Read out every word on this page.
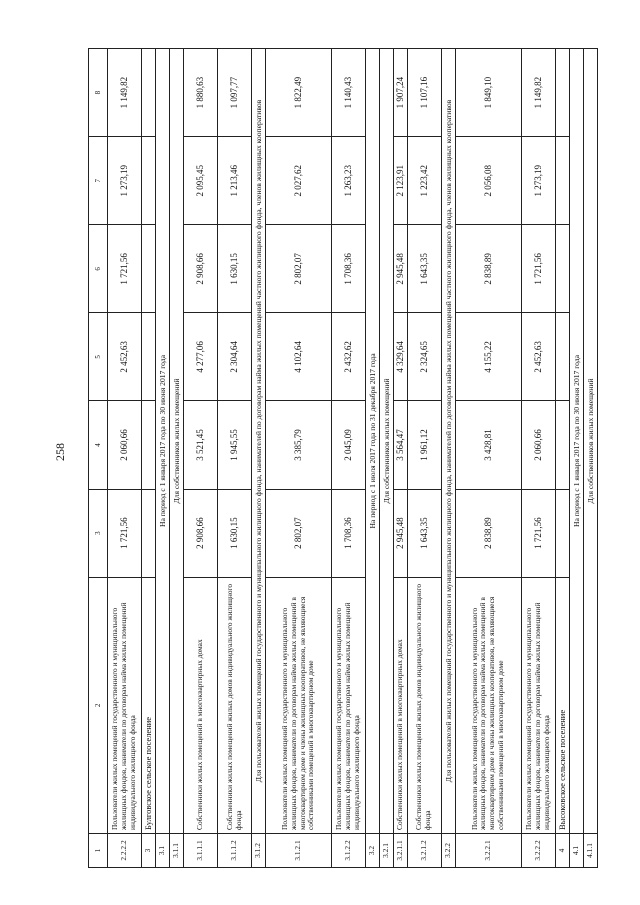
258
1	2	3	4	5	6	7	8
2.2.2.2	Пользователи жилых помещений государственного и муниципального жилищных фондов, наниматели по договорам найма жилых помещений индивидуального жилищного фонда	1 721,56	2 060,66	2 452,63	1 721,56	1 273,19	1 149,82
3	Булговское сельское поселение						
3.1	На период с 1 января 2017 года по 30 июня 2017 года						
3.1.1	Для собственников жилых помещений						
3.1.1.1	Собственники жилых помещений в многоквартирных домах	2 908,66	3 521,45	4 277,06	2 908,66	2 095,45	1 880,63
3.1.1.2	Собственники жилых помещений жилых домов индивидуального жилищного фонда	1 630,15	1 945,55	2 304,64	1 630,15	1 213,46	1 097,77
3.1.2	Для пользователей жилых помещений государственного и муниципального жилищного фонда, нанимателей по договорам найма жилых помещений частного жилищного фонда, членов жилищных кооперативов						
3.1.2.1	Пользователи жилых помещений государственного и муниципального жилищных фондов, наниматели по договорам найма жилых помещений в многоквартирном доме и члены жилищных кооперативов, не являющиеся собственниками помещений в многоквартирном доме	2 802,07	3 385,79	4 102,64	2 802,07	2 027,62	1 822,49
3.1.2.2	Пользователи жилых помещений государственного и муниципального жилищных фондов, наниматели по договорам найма жилых помещений индивидуального жилищного фонда	1 708,36	2 045,09	2 432,62	1 708,36	1 263,23	1 140,43
3.2	На период с 1 июля 2017 года по 31 декабря 2017 года						
3.2.1	Для собственников жилых помещений						
3.2.1.1	Собственники жилых помещений в многоквартирных домах	2 945,48	3 564,47	4 329,64	2 945,48	2 123,91	1 907,24
3.2.1.2	Собственники жилых помещений жилых домов индивидуального жилищного фонда	1 643,35	1 961,12	2 324,65	1 643,35	1 223,42	1 107,16
3.2.2	Для пользователей жилых помещений государственного и муниципального жилищного фонда, нанимателей по договорам найма жилых помещений частного жилищного фонда, членов жилищных кооперативов						
3.2.2.1	Пользователи жилых помещений государственного и муниципального жилищных фондов, наниматели по договорам найма жилых помещений в многоквартирном доме и члены жилищных кооперативов, не являющиеся собственниками помещений в многоквартирном доме	2 838,89	3 428,81	4 155,22	2 838,89	2 056,08	1 849,10
3.2.2.2	Пользователи жилых помещений государственного и муниципального жилищных фондов, наниматели по договорам найма жилых помещений индивидуального жилищного фонда	1 721,56	2 060,66	2 452,63	1 721,56	1 273,19	1 149,82
4	Высоковское сельское поселение						
4.1	На период с 1 января 2017 года по 30 июня 2017 года						
4.1.1	Для собственников жилых помещений						
